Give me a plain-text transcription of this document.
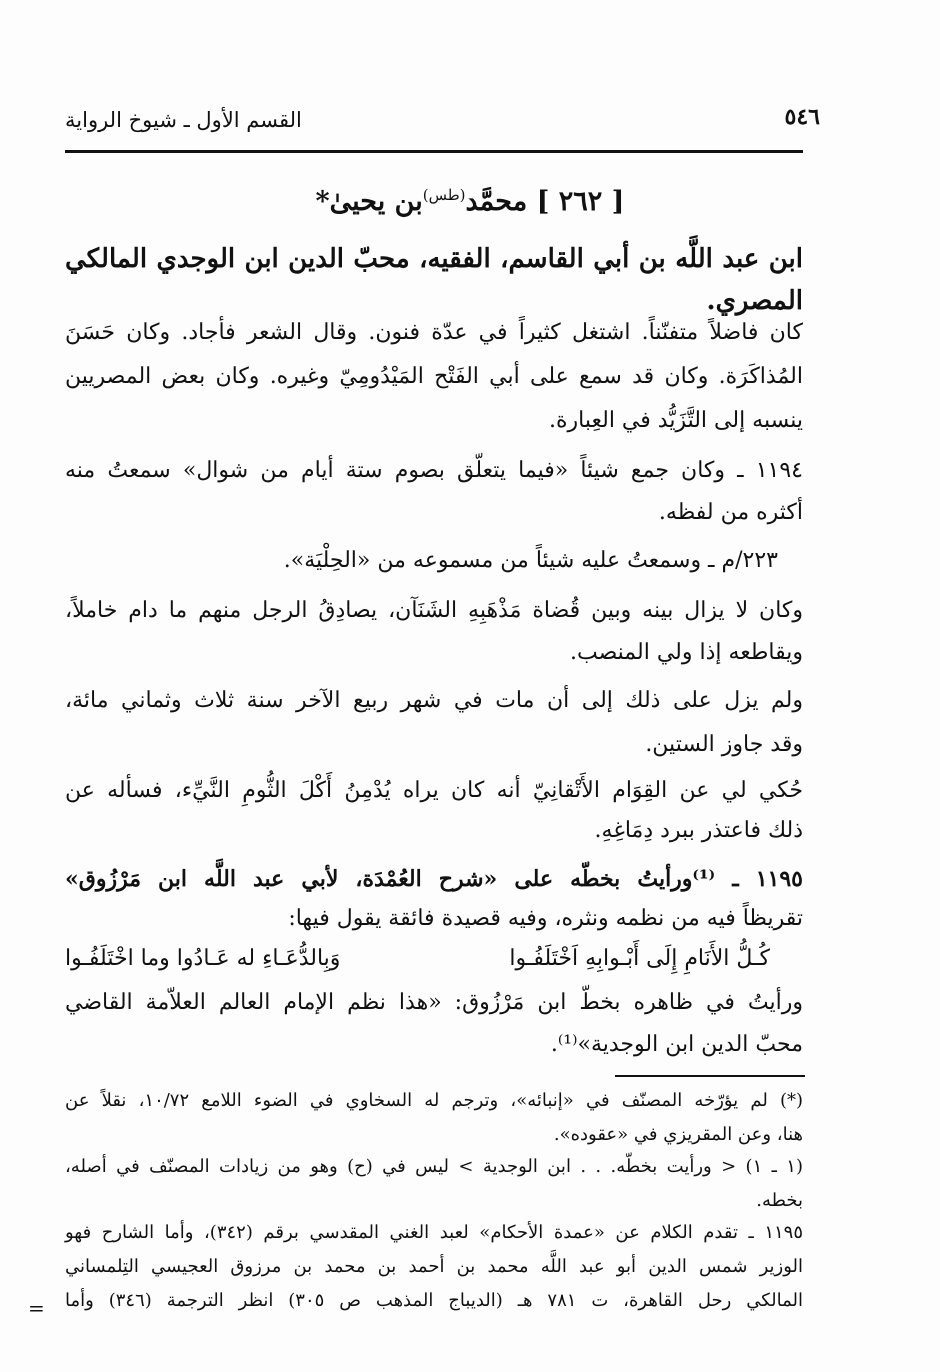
٥٤٦
القسم الأول ـ شيوخ الرواية
[ ٢٦٢ ] محمَّد$^{(طس)}$بن يحيىٰ*
ابن عبد اللَّه بن أبي القاسم، الفقيه، محبّ الدين ابن الوجدي المالكي
المصري.
كان فاضلاً متفنّناً. اشتغل كثيراً في عدّة فنون. وقال الشعر فأجاد. وكان حَسَنَ
المُذاكَرَة. وكان قد سمع على أبي الفَتْح المَيْدُومِيّ وغيره. وكان بعض المصريين
ينسبه إلى التَّزَيُّد في العِبارة.
١١٩٤ ـ وكان جمع شيئاً «فيما يتعلّق بصوم ستة أيام من شوال» سمعتُ منه
أكثره من لفظه.
٢٢٣/م ـ وسمعتُ عليه شيئاً من مسموعه من «الحِلْيَة».
وكان لا يزال بينه وبين قُضاة مَذْهَبِهِ الشَنَآن، يصادِقُ الرجل منهم ما دام خاملاً،
ويقاطعه إذا ولي المنصب.
ولم يزل على ذلك إلى أن مات في شهر ربيع الآخر سنة ثلاث وثماني مائة،
وقد جاوز الستين.
حُكي لي عن القِوَام الأَتْقانِيّ أنه كان يراه يُدْمِنُ أَكْلَ الثُّومِ النَّيِّء، فسأله عن
ذلك فاعتذر ببرد دِمَاغِهِ.
١١٩٥ ـ ⁽¹⁾ورأيتُ بخطّه على «شرح العُمْدَة، لأبي عبد اللَّه ابن مَرْزُوق»
تقريظاً فيه من نظمه ونثره، وفيه قصيدة فائقة يقول فيها:
كُـلُّ الأَنَامِ إِلَى أَبْـوابِهِ اَخْتَلَفُـوا
وَبِالدُّعَـاءِ له عَـادُوا وما اخْتَلَفُـوا
ورأيتُ في ظاهره بخطّ ابن مَرْزُوق: «هذا نظم الإمام العالم العلاّمة القاضي
محبّ الدين ابن الوجدية»⁽¹⁾.
(*) لم يؤرّخه المصنّف في «إنبائه»، وترجم له السخاوي في الضوء اللامع ١٠/٧٢، نقلاً عن
هنا، وعن المقريزي في «عقوده».
(١ ـ ١) < ورأيت بخطّه. . . ابن الوجدية > ليس في (ح) وهو من زيادات المصنّف في أصله،
بخطه.
١١٩٥ ـ تقدم الكلام عن «عمدة الأحكام» لعبد الغني المقدسي برقم (٣٤٢)، وأما الشارح فهو
الوزير شمس الدين أبو عبد اللَّه محمد بن أحمد بن محمد بن مرزوق العجيسي التِلمساني
المالكي رحل القاهرة، ت ٧٨١ هـ (الديباج المذهب ص ٣٠٥) انظر الترجمة (٣٤٦) وأما
=
